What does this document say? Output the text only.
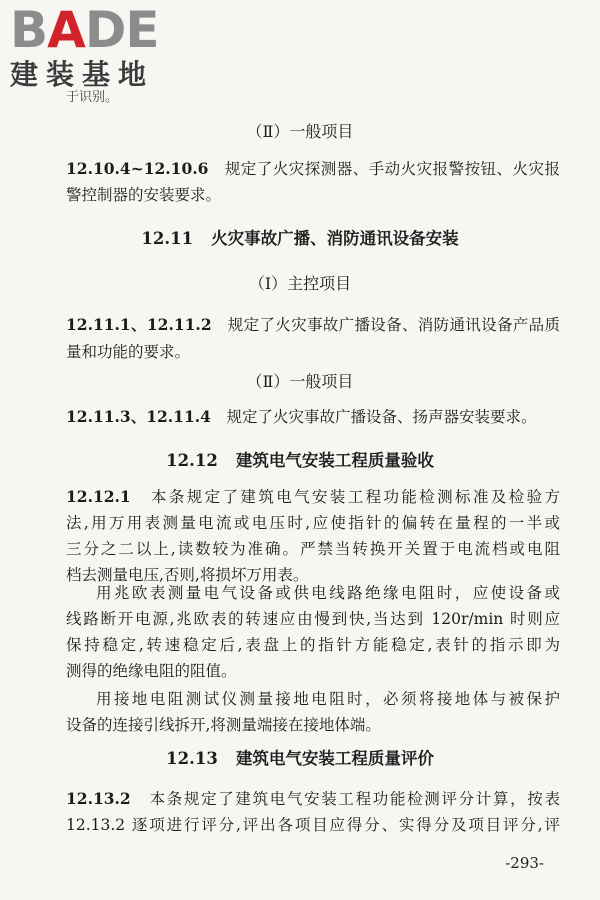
BADE
建装基地
于识别。
（Ⅱ）一般项目
12.10.4~12.10.6　 规定了火灾探测器、手动火灾报警按钮、火灾报
警控制器的安装要求。
12.11 火灾事故广播、消防通讯设备安装
（Ⅰ）主控项目
12.11.1、12.11.2　 规定了火灾事故广播设备、消防通讯设备产品质
量和功能的要求。
（Ⅱ）一般项目
12.11.3、12.11.4　 规定了火灾事故广播设备、扬声器安装要求。
12.12 建筑电气安装工程质量验收
12.12.1　 本条规定了建筑电气安装工程功能检测标准及检验方
法,用万用表测量电流或电压时,应使指针的偏转在量程的一半或
三分之二以上,读数较为准确。严禁当转换开关置于电流档或电阻
档去测量电压,否则,将损坏万用表。
用兆欧表测量电气设备或供电线路绝缘电阻时，应使设备或
线路断开电源,兆欧表的转速应由慢到快,当达到 120r/min 时则应
保持稳定,转速稳定后,表盘上的指针方能稳定,表针的指示即为
测得的绝缘电阻的阻值。
用接地电阻测试仪测量接地电阻时，必须将接地体与被保护
设备的连接引线拆开,将测量端接在接地体端。
12.13 建筑电气安装工程质量评价
12.13.2　 本条规定了建筑电气安装工程功能检测评分计算，按表
12.13.2 逐项进行评分,评出各项目应得分、实得分及项目评分,评
-293-
